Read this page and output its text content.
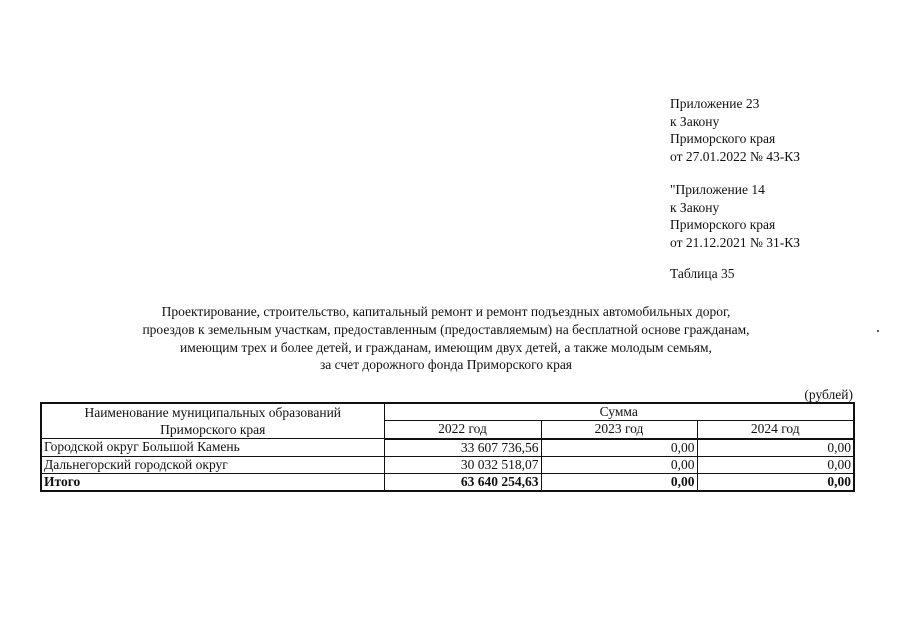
Приложение 23
к Закону
Приморского края
от 27.01.2022 № 43-КЗ
"Приложение 14
к Закону
Приморского края
от 21.12.2021 № 31-КЗ
Таблица 35
Проектирование, строительство, капитальный ремонт и ремонт подъездных автомобильных дорог,
проездов к земельным участкам, предоставленным (предоставляемым) на бесплатной основе гражданам,
имеющим трех и более детей, и гражданам, имеющим двух детей, а также молодым семьям,
за счет дорожного фонда Приморского края
(рублей)
Наименование муниципальных образований
Приморского края	Сумма		
	2022 год	2023 год	2024 год
Городской округ Большой Камень	33 607 736,56	0,00	0,00
Дальнегорский городской округ	30 032 518,07	0,00	0,00
Итого	63 640 254,63	0,00	0,00
